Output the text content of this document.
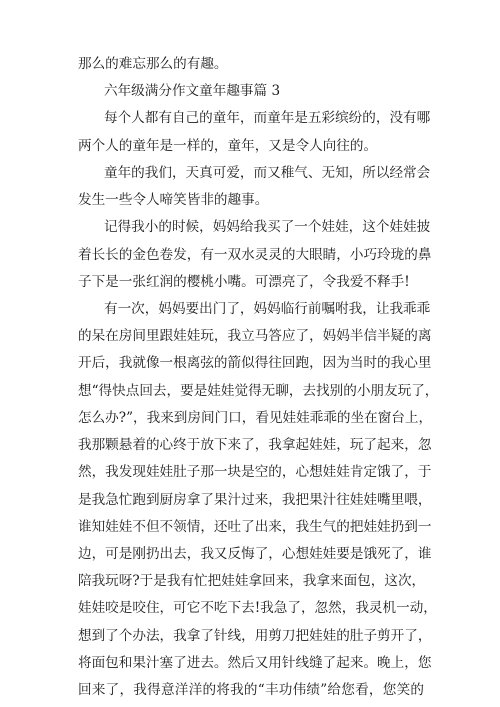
那么的难忘那么的有趣。
六年级满分作文童年趣事篇 3
每个人都有自己的童年，而童年是五彩缤纷的，没有哪
两个人的童年是一样的，童年，又是令人向往的。
童年的我们，天真可爱，而又稚气、无知，所以经常会
发生一些令人啼笑皆非的趣事。
记得我小的时候，妈妈给我买了一个娃娃，这个娃娃披
着长长的金色卷发，有一双水灵灵的大眼睛，小巧玲珑的鼻
子下是一张红润的樱桃小嘴。可漂亮了，令我爱不释手!
有一次，妈妈要出门了，妈妈临行前嘱咐我，让我乖乖
的呆在房间里跟娃娃玩，我立马答应了，妈妈半信半疑的离
开后，我就像一根离弦的箭似得往回跑，因为当时的我心里
想“得快点回去，要是娃娃觉得无聊，去找别的小朋友玩了，
怎么办?”，我来到房间门口，看见娃娃乖乖的坐在窗台上，
我那颗悬着的心终于放下来了，我拿起娃娃，玩了起来，忽
然，我发现娃娃肚子那一块是空的，心想娃娃肯定饿了，于
是我急忙跑到厨房拿了果汁过来，我把果汁往娃娃嘴里喂，
谁知娃娃不但不领情，还吐了出来，我生气的把娃娃扔到一
边，可是刚扔出去，我又反悔了，心想娃娃要是饿死了，谁
陪我玩呀?于是我有忙把娃娃拿回来，我拿来面包，这次，
娃娃咬是咬住，可它不吃下去!我急了，忽然，我灵机一动，
想到了个办法，我拿了针线，用剪刀把娃娃的肚子剪开了，
将面包和果汁塞了进去。然后又用针线缝了起来。晚上，您
回来了，我得意洋洋的将我的“丰功伟绩”给您看，您笑的
